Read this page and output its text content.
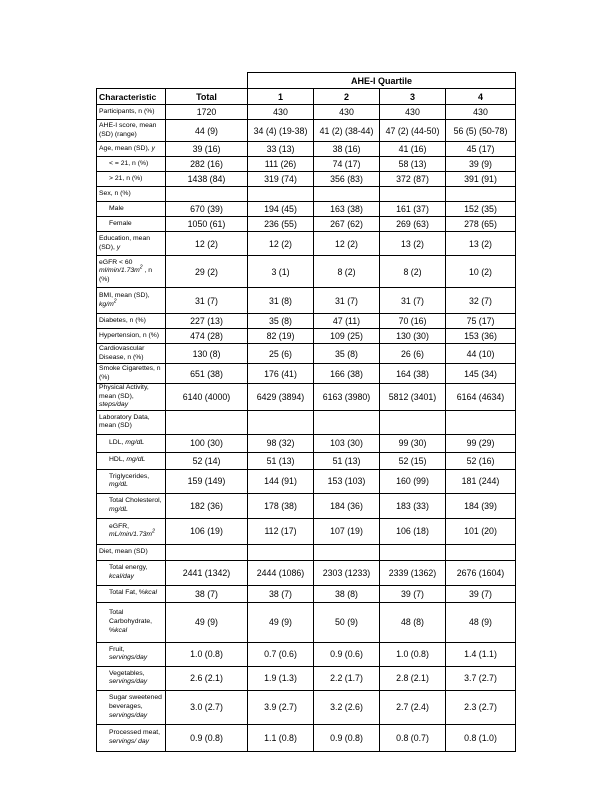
		AHE-I Quartile			
Characteristic	Total	1	2	3	4
Participants, n (%)	1720	430	430	430	430
AHE-I score, mean (SD) (range)	44 (9)	34 (4) (19-38)	41 (2) (38-44)	47 (2) (44-50)	56 (5) (50-78)
Age, mean (SD), y	39 (16)	33 (13)	38 (16)	41 (16)	45 (17)
< = 21, n (%)	282 (16)	111 (26)	74 (17)	58 (13)	39 (9)
> 21, n (%)	1438 (84)	319 (74)	356 (83)	372 (87)	391 (91)
Sex, n (%)					
Male	670 (39)	194 (45)	163 (38)	161 (37)	152 (35)
Female	1050 (61)	236 (55)	267 (62)	269 (63)	278 (65)
Education, mean (SD), y	12 (2)	12 (2)	12 (2)	13 (2)	13 (2)
eGFR < 60 $ml/\min/1.73m^2$ , n (%)	29 (2)	3 (1)	8 (2)	8 (2)	10 (2)
BMI, mean (SD), $kg/m^2$	31 (7)	31 (8)	31 (7)	31 (7)	32 (7)
Diabetes, n (%)	227 (13)	35 (8)	47 (11)	70 (16)	75 (17)
Hypertension, n (%)	474 (28)	82 (19)	109 (25)	130 (30)	153 (36)
Cardiovascular Disease, n (%)	130 (8)	25 (6)	35 (8)	26 (6)	44 (10)
Smoke Cigarettes, n (%)	651 (38)	176 (41)	166 (38)	164 (38)	145 (34)
Physical Activity, mean (SD), steps/day	6140 (4000)	6429 (3894)	6163 (3980)	5812 (3401)	6164 (4634)
Laboratory Data, mean (SD)					
LDL, mg/dL	100 (30)	98 (32)	103 (30)	99 (30)	99 (29)
HDL, mg/dL	52 (14)	51 (13)	51 (13)	52 (15)	52 (16)
Triglycerides, mg/dL	159 (149)	144 (91)	153 (103)	160 (99)	181 (244)
Total Cholesterol, mg/dL	182 (36)	178 (38)	184 (36)	183 (33)	184 (39)
eGFR, $mL/\min/1.73m^2$	106 (19)	112 (17)	107 (19)	106 (18)	101 (20)
Diet, mean (SD)					
Total energy, kcal/day	2441 (1342)	2444 (1086)	2303 (1233)	2339 (1362)	2676 (1604)
Total Fat, %kcal	38 (7)	38 (7)	38 (8)	39 (7)	39 (7)
Total Carbohydrate, %kcal	49 (9)	49 (9)	50 (9)	48 (8)	48 (9)
Fruit, servings/day	1.0 (0.8)	0.7 (0.6)	0.9 (0.6)	1.0 (0.8)	1.4 (1.1)
Vegetables, servings/day	2.6 (2.1)	1.9 (1.3)	2.2 (1.7)	2.8 (2.1)	3.7 (2.7)
Sugar sweetened beverages, servings/day	3.0 (2.7)	3.9 (2.7)	3.2 (2.6)	2.7 (2.4)	2.3 (2.7)
Processed meat, servings/ day	0.9 (0.8)	1.1 (0.8)	0.9 (0.8)	0.8 (0.7)	0.8 (1.0)
